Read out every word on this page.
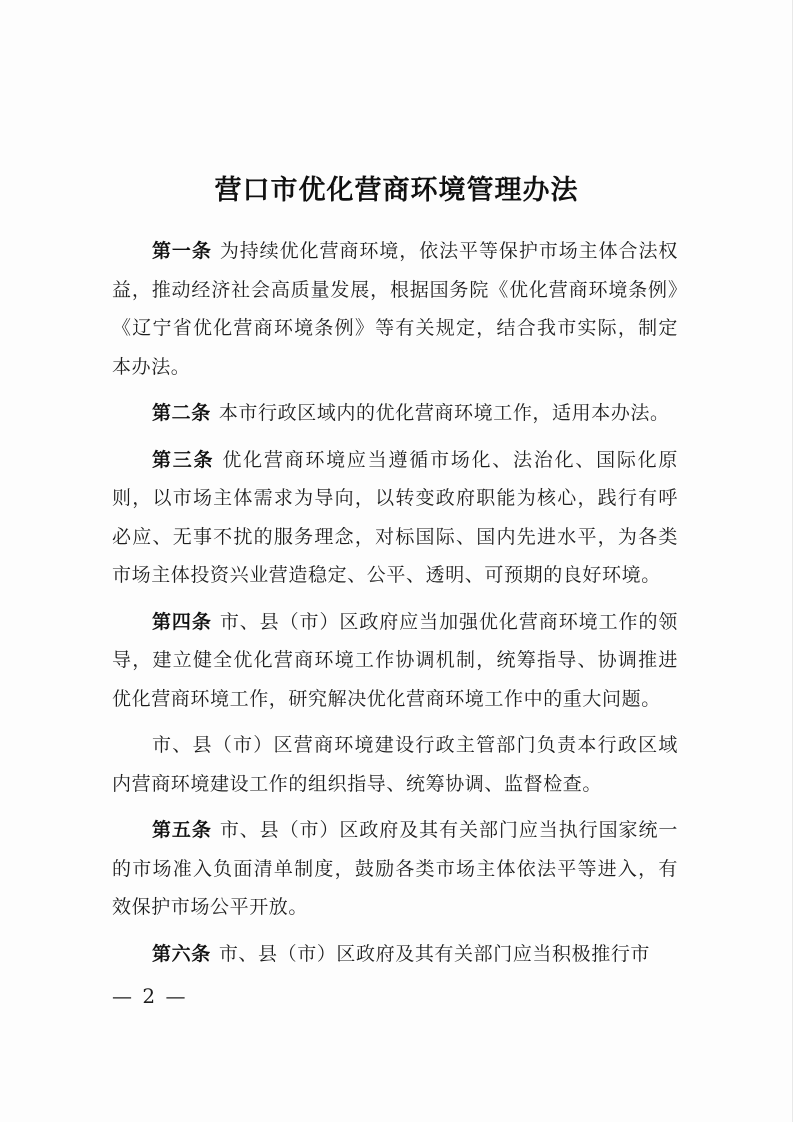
营口市优化营商环境管理办法

第一条 为持续优化营商环境，依法平等保护市场主体合法权益，推动经济社会高质量发展，根据国务院《优化营商环境条例》《辽宁省优化营商环境条例》等有关规定，结合我市实际，制定本办法。

第二条 本市行政区域内的优化营商环境工作，适用本办法。

第三条 优化营商环境应当遵循市场化、法治化、国际化原则，以市场主体需求为导向，以转变政府职能为核心，践行有呼必应、无事不扰的服务理念，对标国际、国内先进水平，为各类市场主体投资兴业营造稳定、公平、透明、可预期的良好环境。

第四条 市、县（市）区政府应当加强优化营商环境工作的领导，建立健全优化营商环境工作协调机制，统筹指导、协调推进优化营商环境工作，研究解决优化营商环境工作中的重大问题。

市、县（市）区营商环境建设行政主管部门负责本行政区域内营商环境建设工作的组织指导、统筹协调、监督检查。

第五条 市、县（市）区政府及其有关部门应当执行国家统一的市场准入负面清单制度，鼓励各类市场主体依法平等进入，有效保护市场公平开放。

第六条 市、县（市）区政府及其有关部门应当积极推行市

— 2 —
